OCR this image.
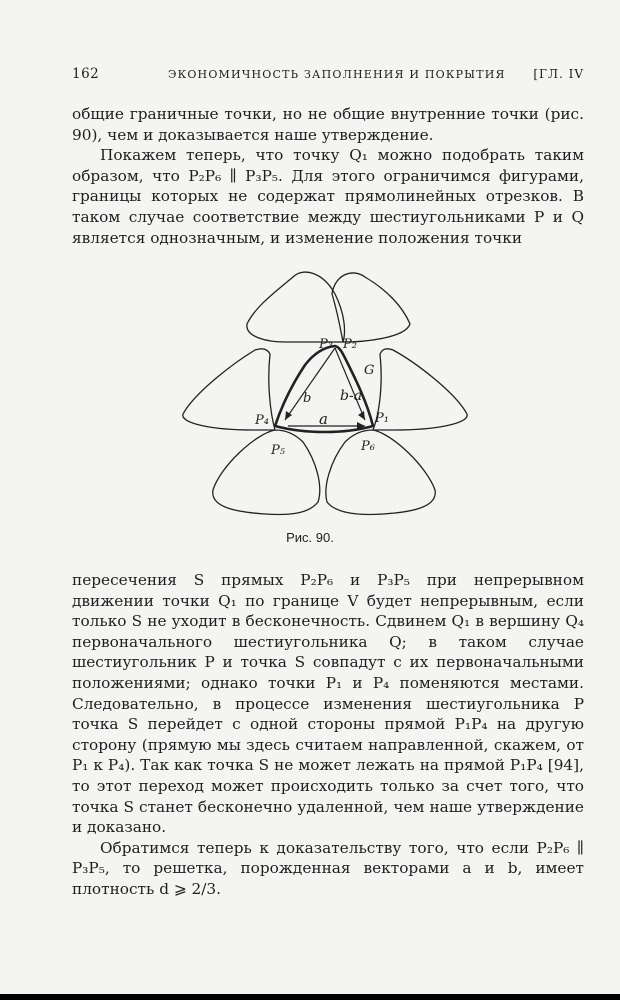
162	ЭКОНОМИЧНОСТЬ ЗАПОЛНЕНИЯ И ПОКРЫТИЯ [ГЛ. IV

общие граничные точки, но не общие внутренние точки (рис. 90), чем и доказывается наше утверждение.

Покажем теперь, что точку Q₁ можно подобрать таким образом, что P₂P₆ ∥ P₃P₅. Для этого ограничимся фигурами, границы которых не содержат прямолинейных отрезков. В таком случае соответствие между шестиугольниками P и Q является однозначным, и изменение положения точки

P₃ P₂
G
b b-a
P₄	a	P₁
P₅	P₆
Рис. 90.

пересечения S прямых P₂P₆ и P₃P₅ при непрерывном движении точки Q₁ по границе V будет непрерывным, если только S не уходит в бесконечность. Сдвинем Q₁ в вершину Q₄ первоначального шестиугольника Q; в таком случае шестиугольник P и точка S совпадут с их первоначальными положениями; однако точки P₁ и P₄ поменяются местами. Следовательно, в процессе изменения шестиугольника P точка S перейдет с одной стороны прямой P₁P₄ на другую сторону (прямую мы здесь считаем направленной, скажем, от P₁ к P₄). Так как точка S не может лежать на прямой P₁P₄ [94], то этот переход может происходить только за счет того, что точка S станет бесконечно удаленной, чем наше утверждение и доказано.

Обратимся теперь к доказательству того, что если P₂P₆ ∥ P₃P₅, то решетка, порожденная векторами a и b, имеет плотность d ⩾ 2/3.
